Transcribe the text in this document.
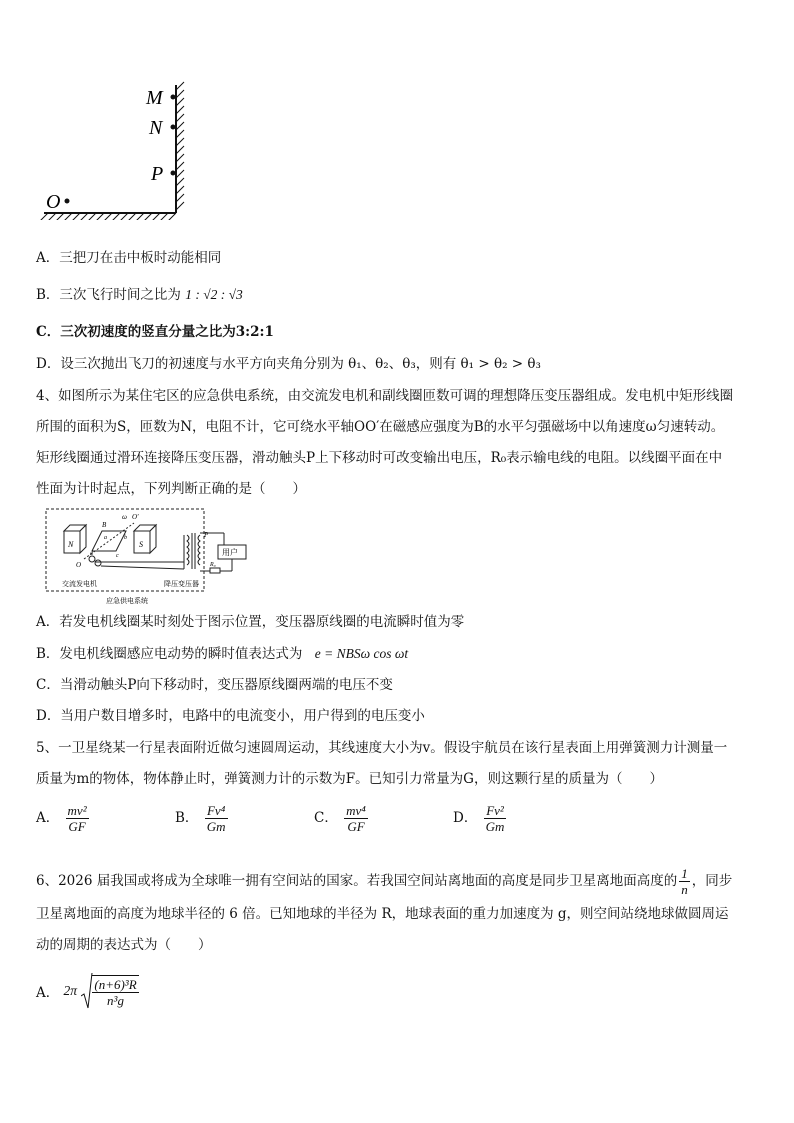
M
N
P
O
A．三把刀在击中板时动能相同
B．三次飞行时间之比为 1 : √2 : √3
C．三次初速度的竖直分量之比为3:2:1
D．设三次抛出飞刀的初速度与水平方向夹角分别为 θ₁、θ₂、θ₃，则有 θ₁ > θ₂ > θ₃
4、如图所示为某住宅区的应急供电系统，由交流发电机和副线圈匝数可调的理想降压变压器组成。发电机中矩形线圈
所围的面积为S，匝数为N，电阻不计，它可绕水平轴OO′在磁感应强度为B的水平匀强磁场中以角速度ω匀速转动。
矩形线圈通过滑环连接降压变压器，滑动触头P上下移动时可改变输出电压，R₀表示输电线的电阻。以线圈平面在中
性面为计时起点，下列判断正确的是（　　）
N	S
O
O′
ω
B
a	b
c
d
P
用户
R₀
交流发电机	降压变压器
应急供电系统
A．若发电机线圈某时刻处于图示位置，变压器原线圈的电流瞬时值为零
B．发电机线圈感应电动势的瞬时值表达式为 e = NBSω cos ωt
C．当滑动触头P向下移动时，变压器原线圈两端的电压不变
D．当用户数目增多时，电路中的电流变小，用户得到的电压变小
5、一卫星绕某一行星表面附近做匀速圆周运动，其线速度大小为v。假设宇航员在该行星表面上用弹簧测力计测量一
质量为m的物体，物体静止时，弹簧测力计的示数为F。已知引力常量为G，则这颗行星的质量为（　　）
A． $\frac{\text{mv²}}{GF}$	B． $\frac{\text{Fv⁴}}{Gm}$	C． $\frac{\text{mv⁴}}{GF}$	D． $\frac{\text{Fv²}}{Gm}$
6、2026 届我国或将成为全球唯一拥有空间站的国家。若我国空间站离地面的高度是同步卫星离地面高度的 $\frac{1}{n}$ ，同步
卫星离地面的高度为地球半径的 6 倍。已知地球的半径为 R，地球表面的重力加速度为 g，则空间站绕地球做圆周运
动的周期的表达式为（　　）
A． $2\pi \frac{\text{(n+6)³R}}{\text{n³g}}$
